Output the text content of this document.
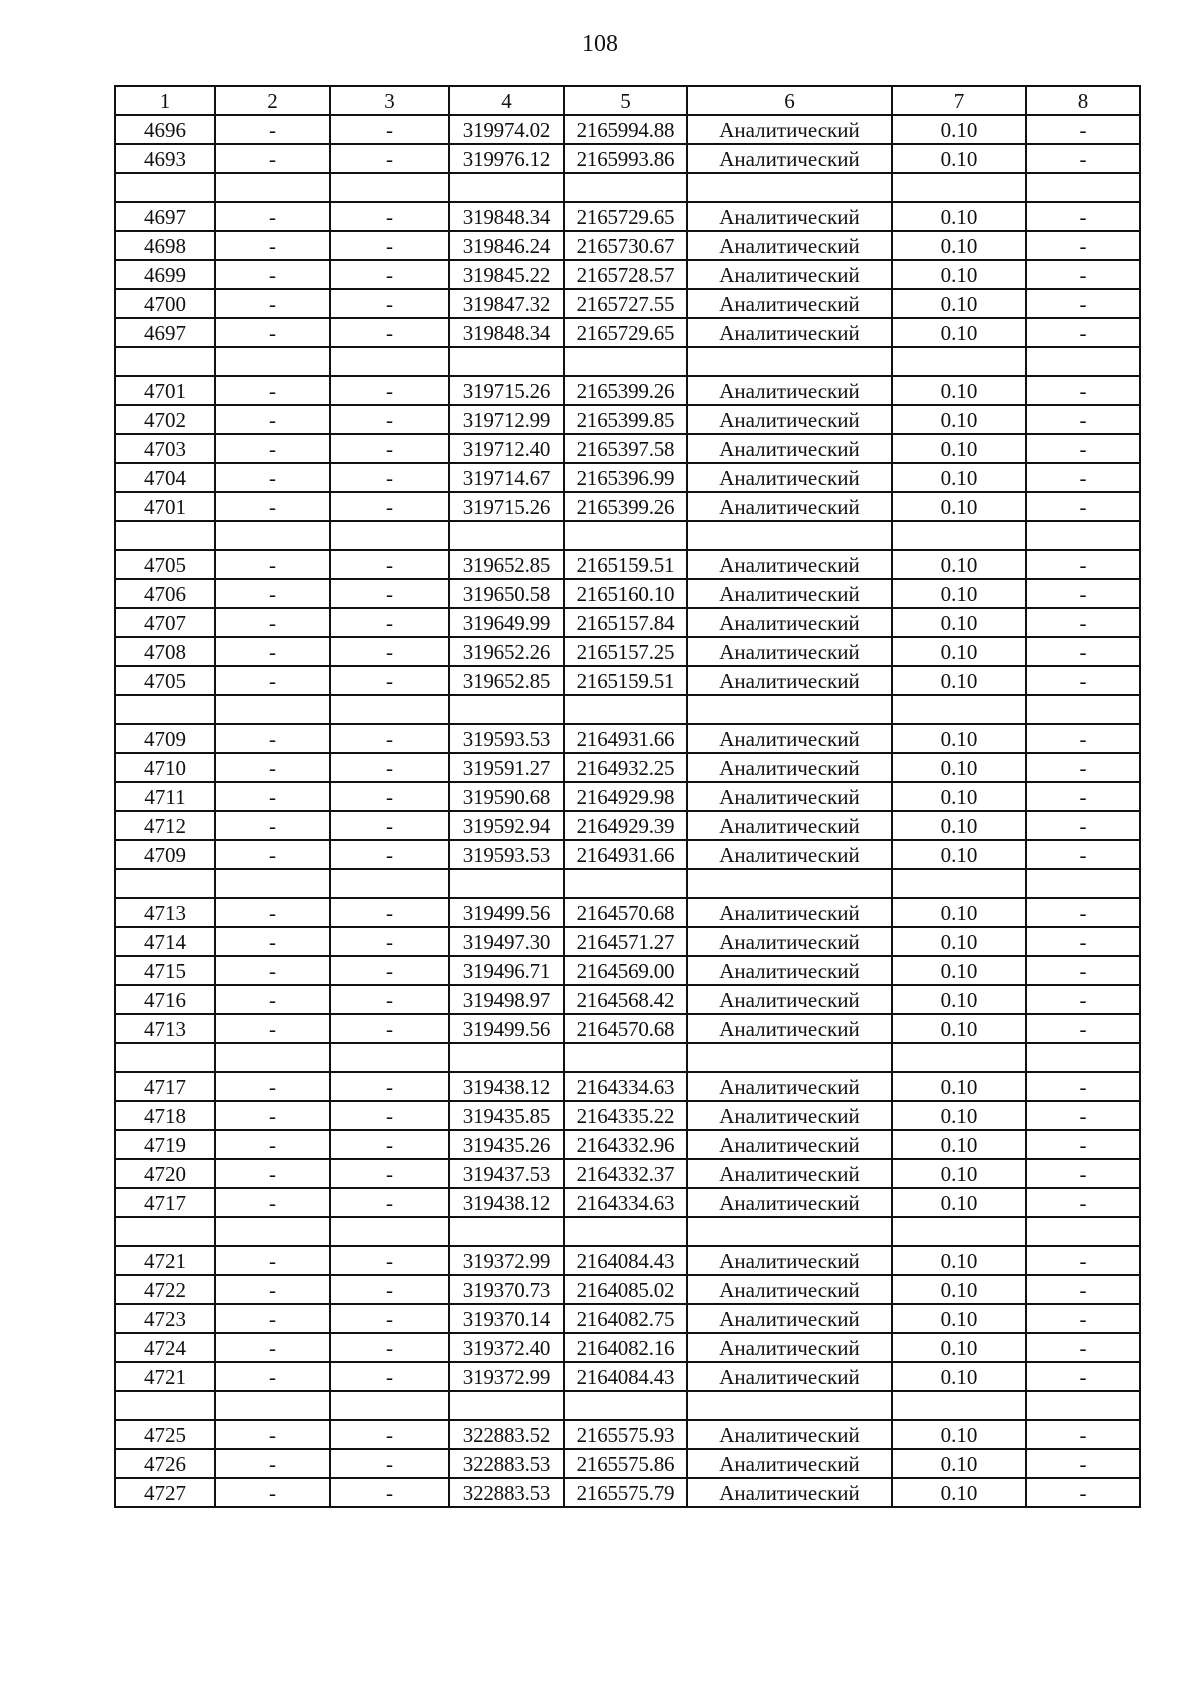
108
1	2	3	4	5	6	7	8
4696	-	-	319974.02	2165994.88	Аналитический	0.10	-
4693	-	-	319976.12	2165993.86	Аналитический	0.10	-

4697	-	-	319848.34	2165729.65	Аналитический	0.10	-
4698	-	-	319846.24	2165730.67	Аналитический	0.10	-
4699	-	-	319845.22	2165728.57	Аналитический	0.10	-
4700	-	-	319847.32	2165727.55	Аналитический	0.10	-
4697	-	-	319848.34	2165729.65	Аналитический	0.10	-

4701	-	-	319715.26	2165399.26	Аналитический	0.10	-
4702	-	-	319712.99	2165399.85	Аналитический	0.10	-
4703	-	-	319712.40	2165397.58	Аналитический	0.10	-
4704	-	-	319714.67	2165396.99	Аналитический	0.10	-
4701	-	-	319715.26	2165399.26	Аналитический	0.10	-

4705	-	-	319652.85	2165159.51	Аналитический	0.10	-
4706	-	-	319650.58	2165160.10	Аналитический	0.10	-
4707	-	-	319649.99	2165157.84	Аналитический	0.10	-
4708	-	-	319652.26	2165157.25	Аналитический	0.10	-
4705	-	-	319652.85	2165159.51	Аналитический	0.10	-

4709	-	-	319593.53	2164931.66	Аналитический	0.10	-
4710	-	-	319591.27	2164932.25	Аналитический	0.10	-
4711	-	-	319590.68	2164929.98	Аналитический	0.10	-
4712	-	-	319592.94	2164929.39	Аналитический	0.10	-
4709	-	-	319593.53	2164931.66	Аналитический	0.10	-

4713	-	-	319499.56	2164570.68	Аналитический	0.10	-
4714	-	-	319497.30	2164571.27	Аналитический	0.10	-
4715	-	-	319496.71	2164569.00	Аналитический	0.10	-
4716	-	-	319498.97	2164568.42	Аналитический	0.10	-
4713	-	-	319499.56	2164570.68	Аналитический	0.10	-

4717	-	-	319438.12	2164334.63	Аналитический	0.10	-
4718	-	-	319435.85	2164335.22	Аналитический	0.10	-
4719	-	-	319435.26	2164332.96	Аналитический	0.10	-
4720	-	-	319437.53	2164332.37	Аналитический	0.10	-
4717	-	-	319438.12	2164334.63	Аналитический	0.10	-

4721	-	-	319372.99	2164084.43	Аналитический	0.10	-
4722	-	-	319370.73	2164085.02	Аналитический	0.10	-
4723	-	-	319370.14	2164082.75	Аналитический	0.10	-
4724	-	-	319372.40	2164082.16	Аналитический	0.10	-
4721	-	-	319372.99	2164084.43	Аналитический	0.10	-

4725	-	-	322883.52	2165575.93	Аналитический	0.10	-
4726	-	-	322883.53	2165575.86	Аналитический	0.10	-
4727	-	-	322883.53	2165575.79	Аналитический	0.10	-
